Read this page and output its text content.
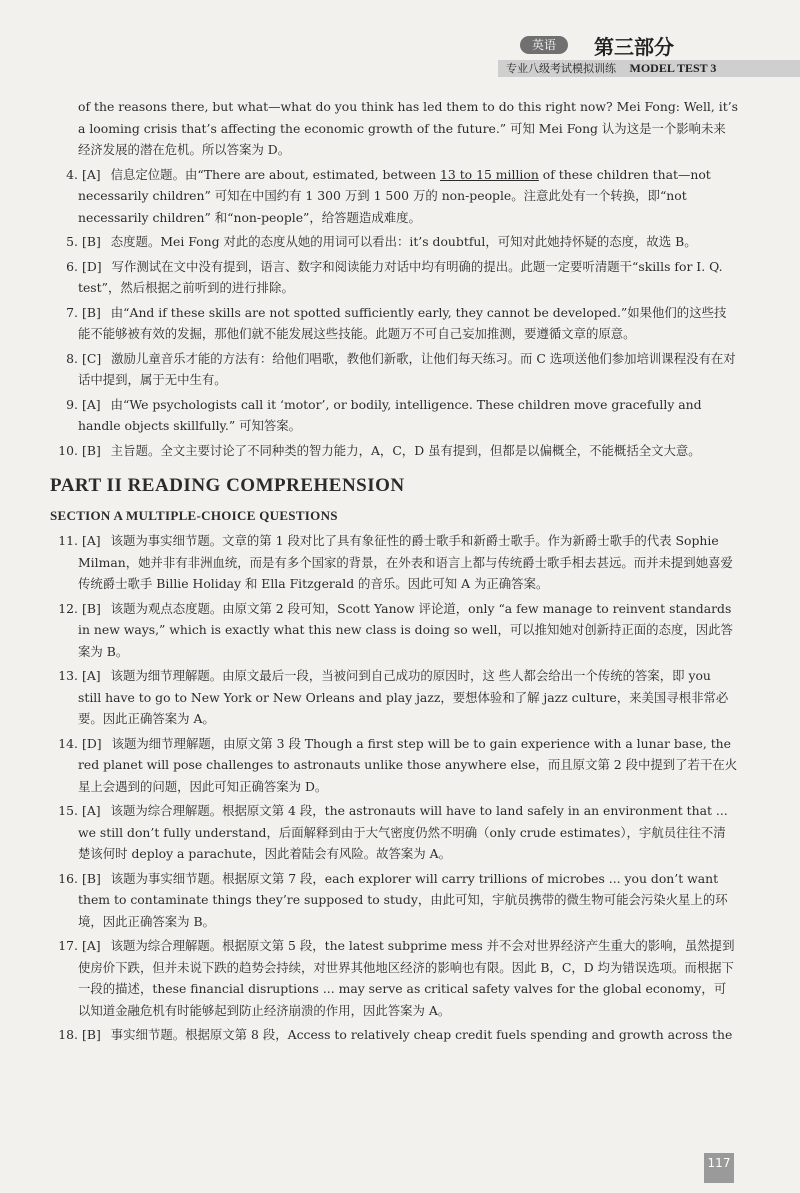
英语	第三部分
专业八级考试模拟训练 MODEL TEST 3
of the reasons there, but what—what do you think has led them to do this right now? Mei Fong: Well, it’s a looming crisis that’s affecting the economic growth of the future.” 可知 Mei Fong 认为这是一个影响未来经济发展的潜在危机。所以答案为 D。
4. [A] 信息定位题。由“There are about, estimated, between 13 to 15 million of these children that—not necessarily children” 可知在中国约有 1 300 万到 1 500 万的 non-people。注意此处有一个转换，即“not necessarily children” 和“non-people”，给答题造成难度。
5. [B] 态度题。Mei Fong 对此的态度从她的用词可以看出：it’s doubtful，可知对此她持怀疑的态度，故选 B。
6. [D] 写作测试在文中没有提到，语言、数字和阅读能力对话中均有明确的提出。此题一定要听清题干“skills for I. Q. test”，然后根据之前听到的进行排除。
7. [B] 由“And if these skills are not spotted sufficiently early, they cannot be developed.”如果他们的这些技能不能够被有效的发掘，那他们就不能发展这些技能。此题万不可自己妄加推测，要遵循文章的原意。
8. [C] 激励儿童音乐才能的方法有：给他们唱歌，教他们新歌，让他们每天练习。而 C 选项送他们参加培训课程没有在对话中提到，属于无中生有。
9. [A] 由“We psychologists call it ‘motor’, or bodily, intelligence. These children move gracefully and handle objects skillfully.” 可知答案。
10. [B] 主旨题。全文主要讨论了不同种类的智力能力，A，C，D 虽有提到，但都是以偏概全，不能概括全文大意。
PART II READING COMPREHENSION
SECTION A MULTIPLE-CHOICE QUESTIONS
11. [A] 该题为事实细节题。文章的第 1 段对比了具有象征性的爵士歌手和新爵士歌手。作为新爵士歌手的代表 Sophie Milman，她并非有非洲血统，而是有多个国家的背景，在外表和语言上都与传统爵士歌手相去甚远。而并未提到她喜爱传统爵士歌手 Billie Holiday 和 Ella Fitzgerald 的音乐。因此可知 A 为正确答案。
12. [B] 该题为观点态度题。由原文第 2 段可知，Scott Yanow 评论道，only “a few manage to reinvent standards in new ways,” which is exactly what this new class is doing so well，可以推知她对创新持正面的态度，因此答案为 B。
13. [A] 该题为细节理解题。由原文最后一段，当被问到自己成功的原因时，这 些人都会给出一个传统的答案，即 you still have to go to New York or New Orleans and play jazz，要想体验和了解 jazz culture，来美国寻根非常必要。因此正确答案为 A。
14. [D] 该题为细节理解题，由原文第 3 段 Though a first step will be to gain experience with a lunar base, the red planet will pose challenges to astronauts unlike those anywhere else，而且原文第 2 段中提到了若干在火星上会遇到的问题，因此可知正确答案为 D。
15. [A] 该题为综合理解题。根据原文第 4 段，the astronauts will have to land safely in an environment that ... we still don’t fully understand，后面解释到由于大气密度仍然不明确（only crude estimates），宇航员往往不清楚该何时 deploy a parachute，因此着陆会有风险。故答案为 A。
16. [B] 该题为事实细节题。根据原文第 7 段，each explorer will carry trillions of microbes ... you don’t want them to contaminate things they’re supposed to study，由此可知，宇航员携带的微生物可能会污染火星上的环境，因此正确答案为 B。
17. [A] 该题为综合理解题。根据原文第 5 段，the latest subprime mess 并不会对世界经济产生重大的影响，虽然提到使房价下跌，但并未说下跌的趋势会持续，对世界其他地区经济的影响也有限。因此 B，C，D 均为错误选项。而根据下一段的描述，these financial disruptions ... may serve as critical safety valves for the global economy，可以知道金融危机有时能够起到防止经济崩溃的作用，因此答案为 A。
18. [B] 事实细节题。根据原文第 8 段，Access to relatively cheap credit fuels spending and growth across the
117
